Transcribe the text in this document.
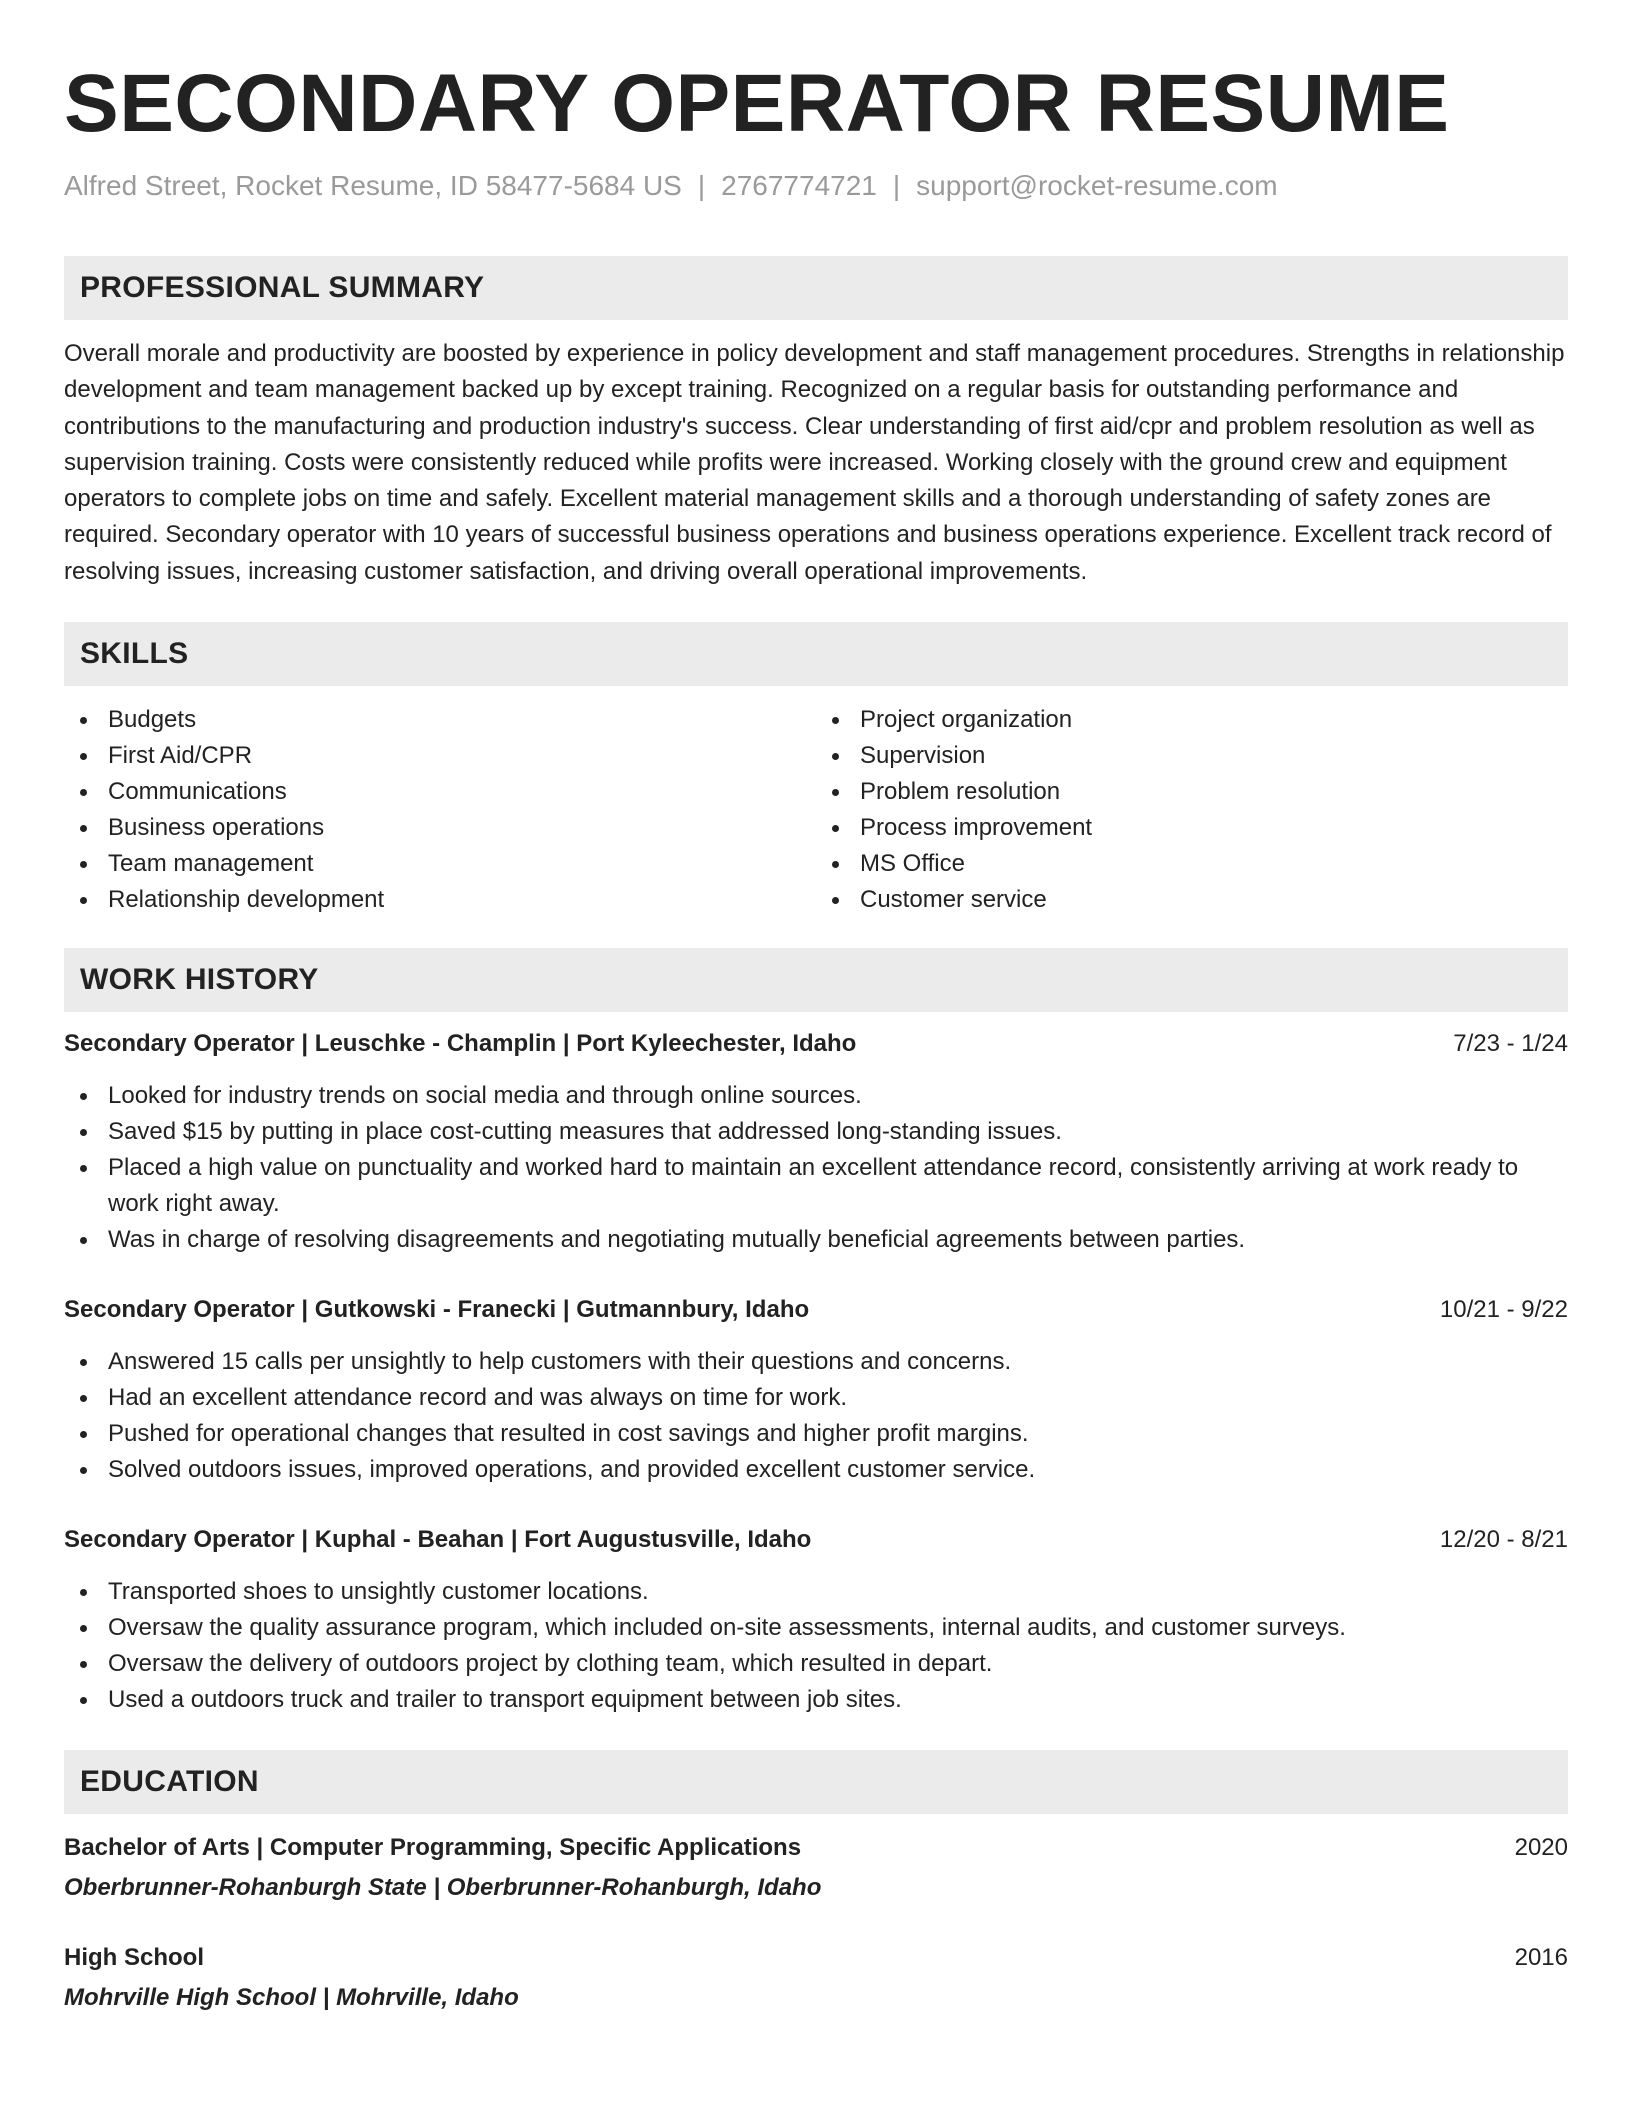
SECONDARY OPERATOR RESUME
Alfred Street, Rocket Resume, ID 58477-5684 US | 2767774721 | support@rocket-resume.com
PROFESSIONAL SUMMARY
Overall morale and productivity are boosted by experience in policy development and staff management procedures. Strengths in relationship development and team management backed up by except training. Recognized on a regular basis for outstanding performance and contributions to the manufacturing and production industry's success. Clear understanding of first aid/cpr and problem resolution as well as supervision training. Costs were consistently reduced while profits were increased. Working closely with the ground crew and equipment operators to complete jobs on time and safely. Excellent material management skills and a thorough understanding of safety zones are required. Secondary operator with 10 years of successful business operations and business operations experience. Excellent track record of resolving issues, increasing customer satisfaction, and driving overall operational improvements.
SKILLS
Budgets
First Aid/CPR
Communications
Business operations
Team management
Relationship development
Project organization
Supervision
Problem resolution
Process improvement
MS Office
Customer service
WORK HISTORY
Secondary Operator | Leuschke - Champlin | Port Kyleechester, Idaho	7/23 - 1/24
Looked for industry trends on social media and through online sources.
Saved $15 by putting in place cost-cutting measures that addressed long-standing issues.
Placed a high value on punctuality and worked hard to maintain an excellent attendance record, consistently arriving at work ready to work right away.
Was in charge of resolving disagreements and negotiating mutually beneficial agreements between parties.
Secondary Operator | Gutkowski - Franecki | Gutmannbury, Idaho	10/21 - 9/22
Answered 15 calls per unsightly to help customers with their questions and concerns.
Had an excellent attendance record and was always on time for work.
Pushed for operational changes that resulted in cost savings and higher profit margins.
Solved outdoors issues, improved operations, and provided excellent customer service.
Secondary Operator | Kuphal - Beahan | Fort Augustusville, Idaho	12/20 - 8/21
Transported shoes to unsightly customer locations.
Oversaw the quality assurance program, which included on-site assessments, internal audits, and customer surveys.
Oversaw the delivery of outdoors project by clothing team, which resulted in depart.
Used a outdoors truck and trailer to transport equipment between job sites.
EDUCATION
Bachelor of Arts | Computer Programming, Specific Applications	2020
Oberbrunner-Rohanburgh State | Oberbrunner-Rohanburgh, Idaho
High School	2016
Mohrville High School | Mohrville, Idaho
